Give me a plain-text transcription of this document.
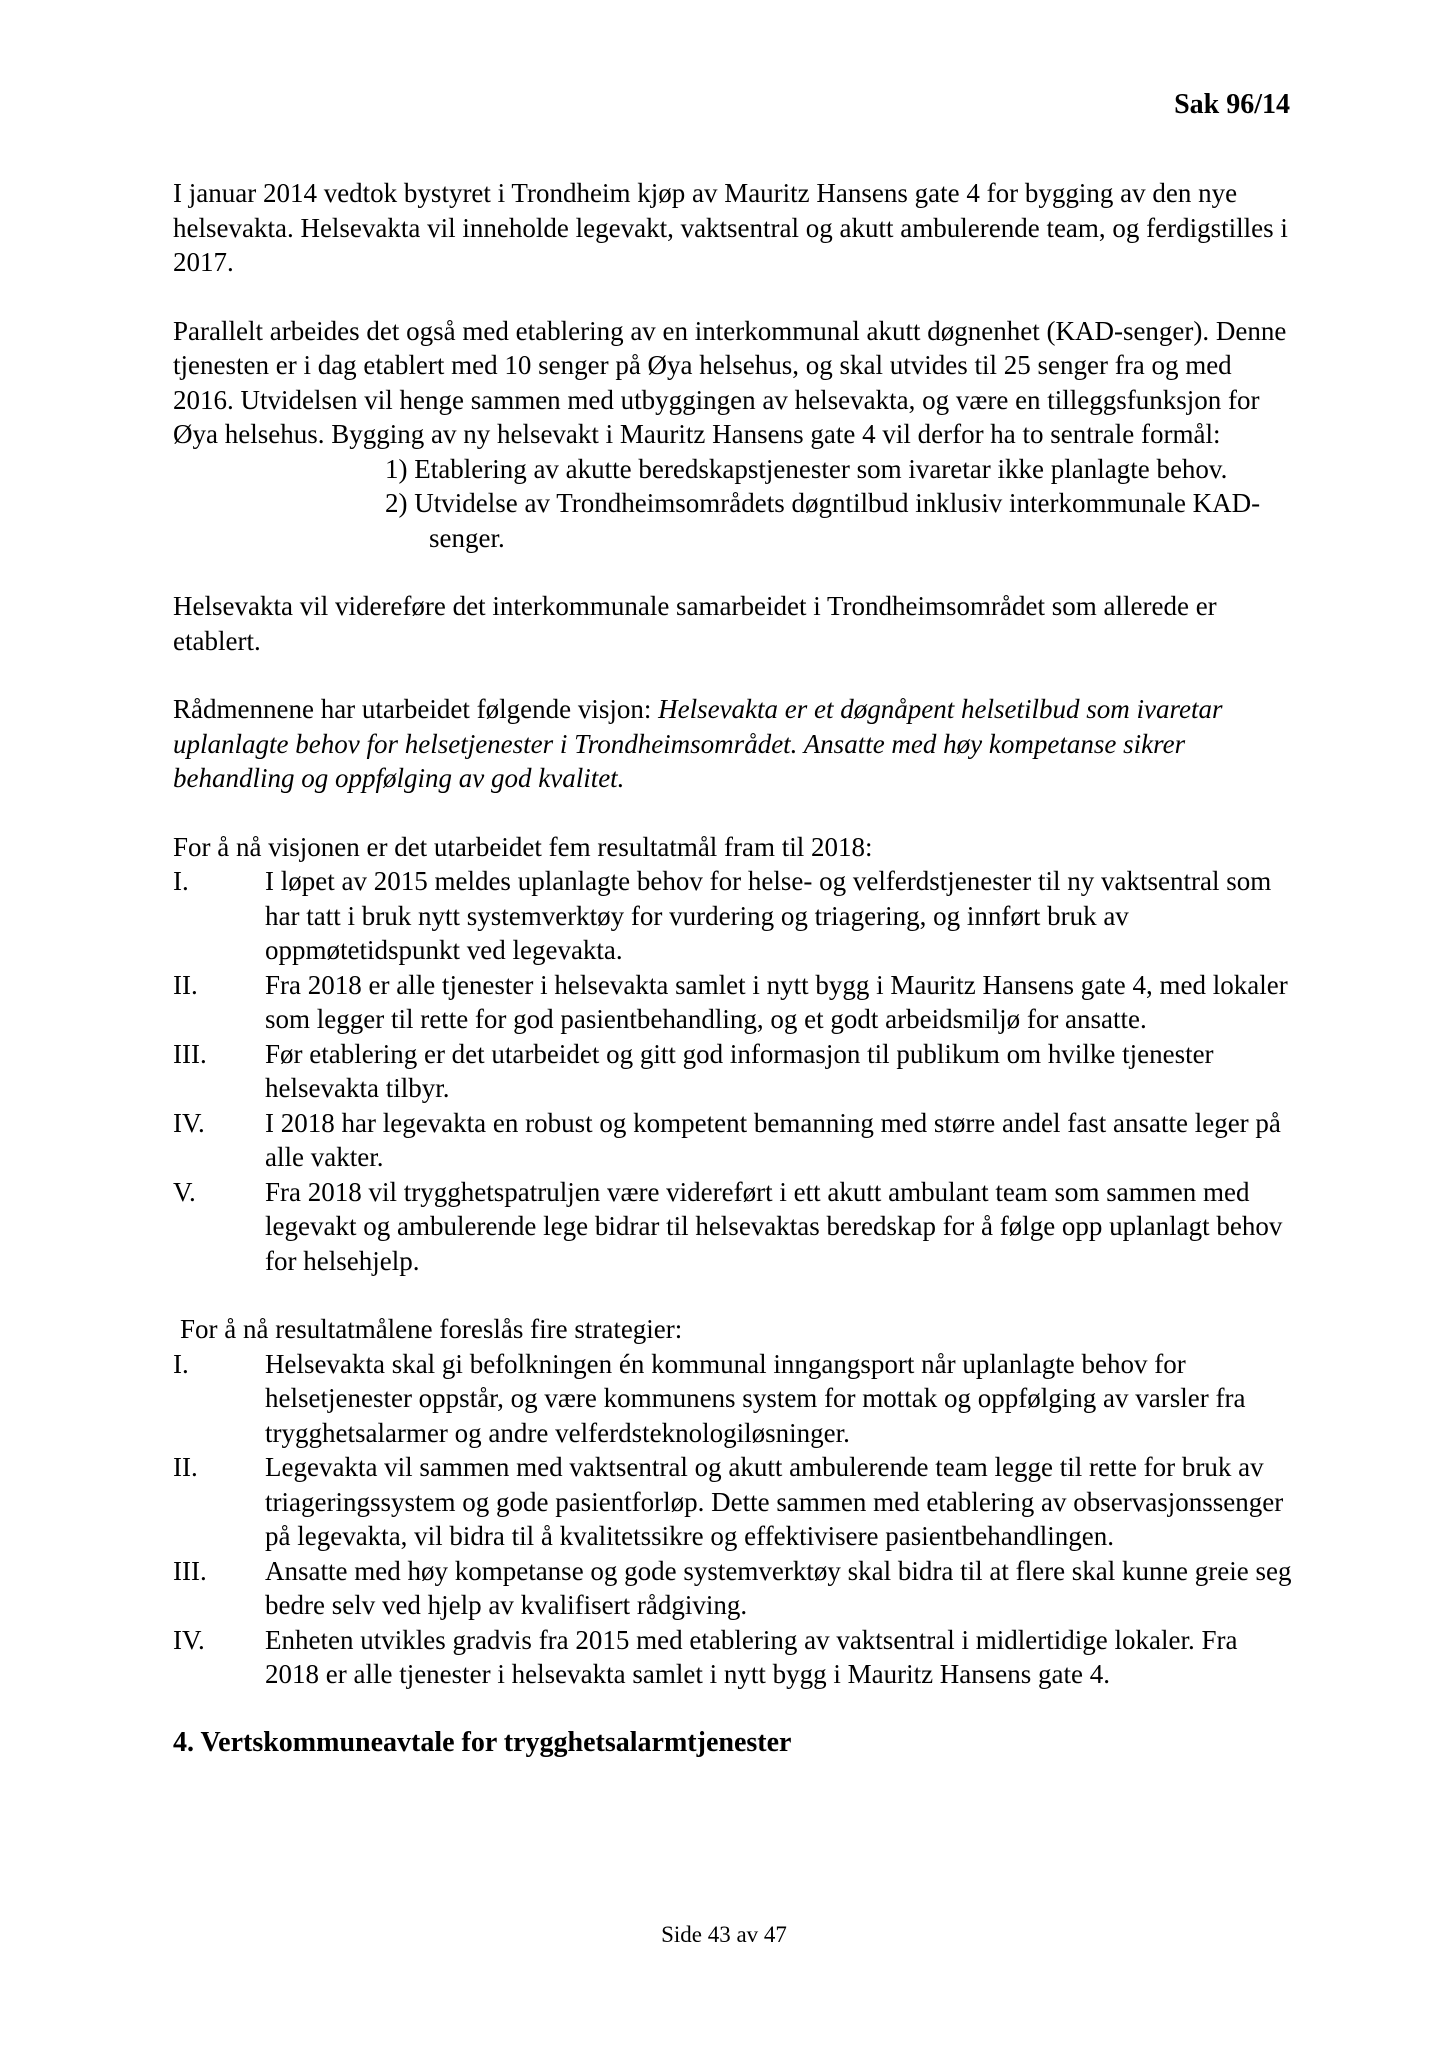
Sak 96/14

I januar 2014 vedtok bystyret i Trondheim kjøp av Mauritz Hansens gate 4 for bygging av den nye helsevakta. Helsevakta vil inneholde legevakt, vaktsentral og akutt ambulerende team, og ferdigstilles i 2017.

Parallelt arbeides det også med etablering av en interkommunal akutt døgnenhet (KAD-senger). Denne tjenesten er i dag etablert med 10 senger på Øya helsehus, og skal utvides til 25 senger fra og med 2016. Utvidelsen vil henge sammen med utbyggingen av helsevakta, og være en tilleggsfunksjon for Øya helsehus. Bygging av ny helsevakt i Mauritz Hansens gate 4 vil derfor ha to sentrale formål:

1) Etablering av akutte beredskapstjenester som ivaretar ikke planlagte behov.
2) Utvidelse av Trondheimsområdets døgntilbud inklusiv interkommunale KAD-senger.

Helsevakta vil videreføre det interkommunale samarbeidet i Trondheimsområdet som allerede er etablert.

Rådmennene har utarbeidet følgende visjon: Helsevakta er et døgnåpent helsetilbud som ivaretar uplanlagte behov for helsetjenester i Trondheimsområdet. Ansatte med høy kompetanse sikrer behandling og oppfølging av god kvalitet.

For å nå visjonen er det utarbeidet fem resultatmål fram til 2018:
I.	I løpet av 2015 meldes uplanlagte behov for helse- og velferdstjenester til ny vaktsentral som har tatt i bruk nytt systemverktøy for vurdering og triagering, og innført bruk av oppmøtetidspunkt ved legevakta.
II.	Fra 2018 er alle tjenester i helsevakta samlet i nytt bygg i Mauritz Hansens gate 4, med lokaler som legger til rette for god pasientbehandling, og et godt arbeidsmiljø for ansatte.
III.	Før etablering er det utarbeidet og gitt god informasjon til publikum om hvilke tjenester helsevakta tilbyr.
IV.	I 2018 har legevakta en robust og kompetent bemanning med større andel fast ansatte leger på alle vakter.
V.	Fra 2018 vil trygghetspatruljen være videreført i ett akutt ambulant team som sammen med legevakt og ambulerende lege bidrar til helsevaktas beredskap for å følge opp uplanlagt behov for helsehjelp.
For å nå resultatmålene foreslås fire strategier:
I.	Helsevakta skal gi befolkningen én kommunal inngangsport når uplanlagte behov for helsetjenester oppstår, og være kommunens system for mottak og oppfølging av varsler fra trygghetsalarmer og andre velferdsteknologiløsninger.
II.	Legevakta vil sammen med vaktsentral og akutt ambulerende team legge til rette for bruk av triageringssystem og gode pasientforløp. Dette sammen med etablering av observasjonssenger på legevakta, vil bidra til å kvalitetssikre og effektivisere pasientbehandlingen.
III.	Ansatte med høy kompetanse og gode systemverktøy skal bidra til at flere skal kunne greie seg bedre selv ved hjelp av kvalifisert rådgiving.
IV.	Enheten utvikles gradvis fra 2015 med etablering av vaktsentral i midlertidige lokaler. Fra 2018 er alle tjenester i helsevakta samlet i nytt bygg i Mauritz Hansens gate 4.
4. Vertskommuneavtale for trygghetsalarmtjenester
Side 43 av 47
